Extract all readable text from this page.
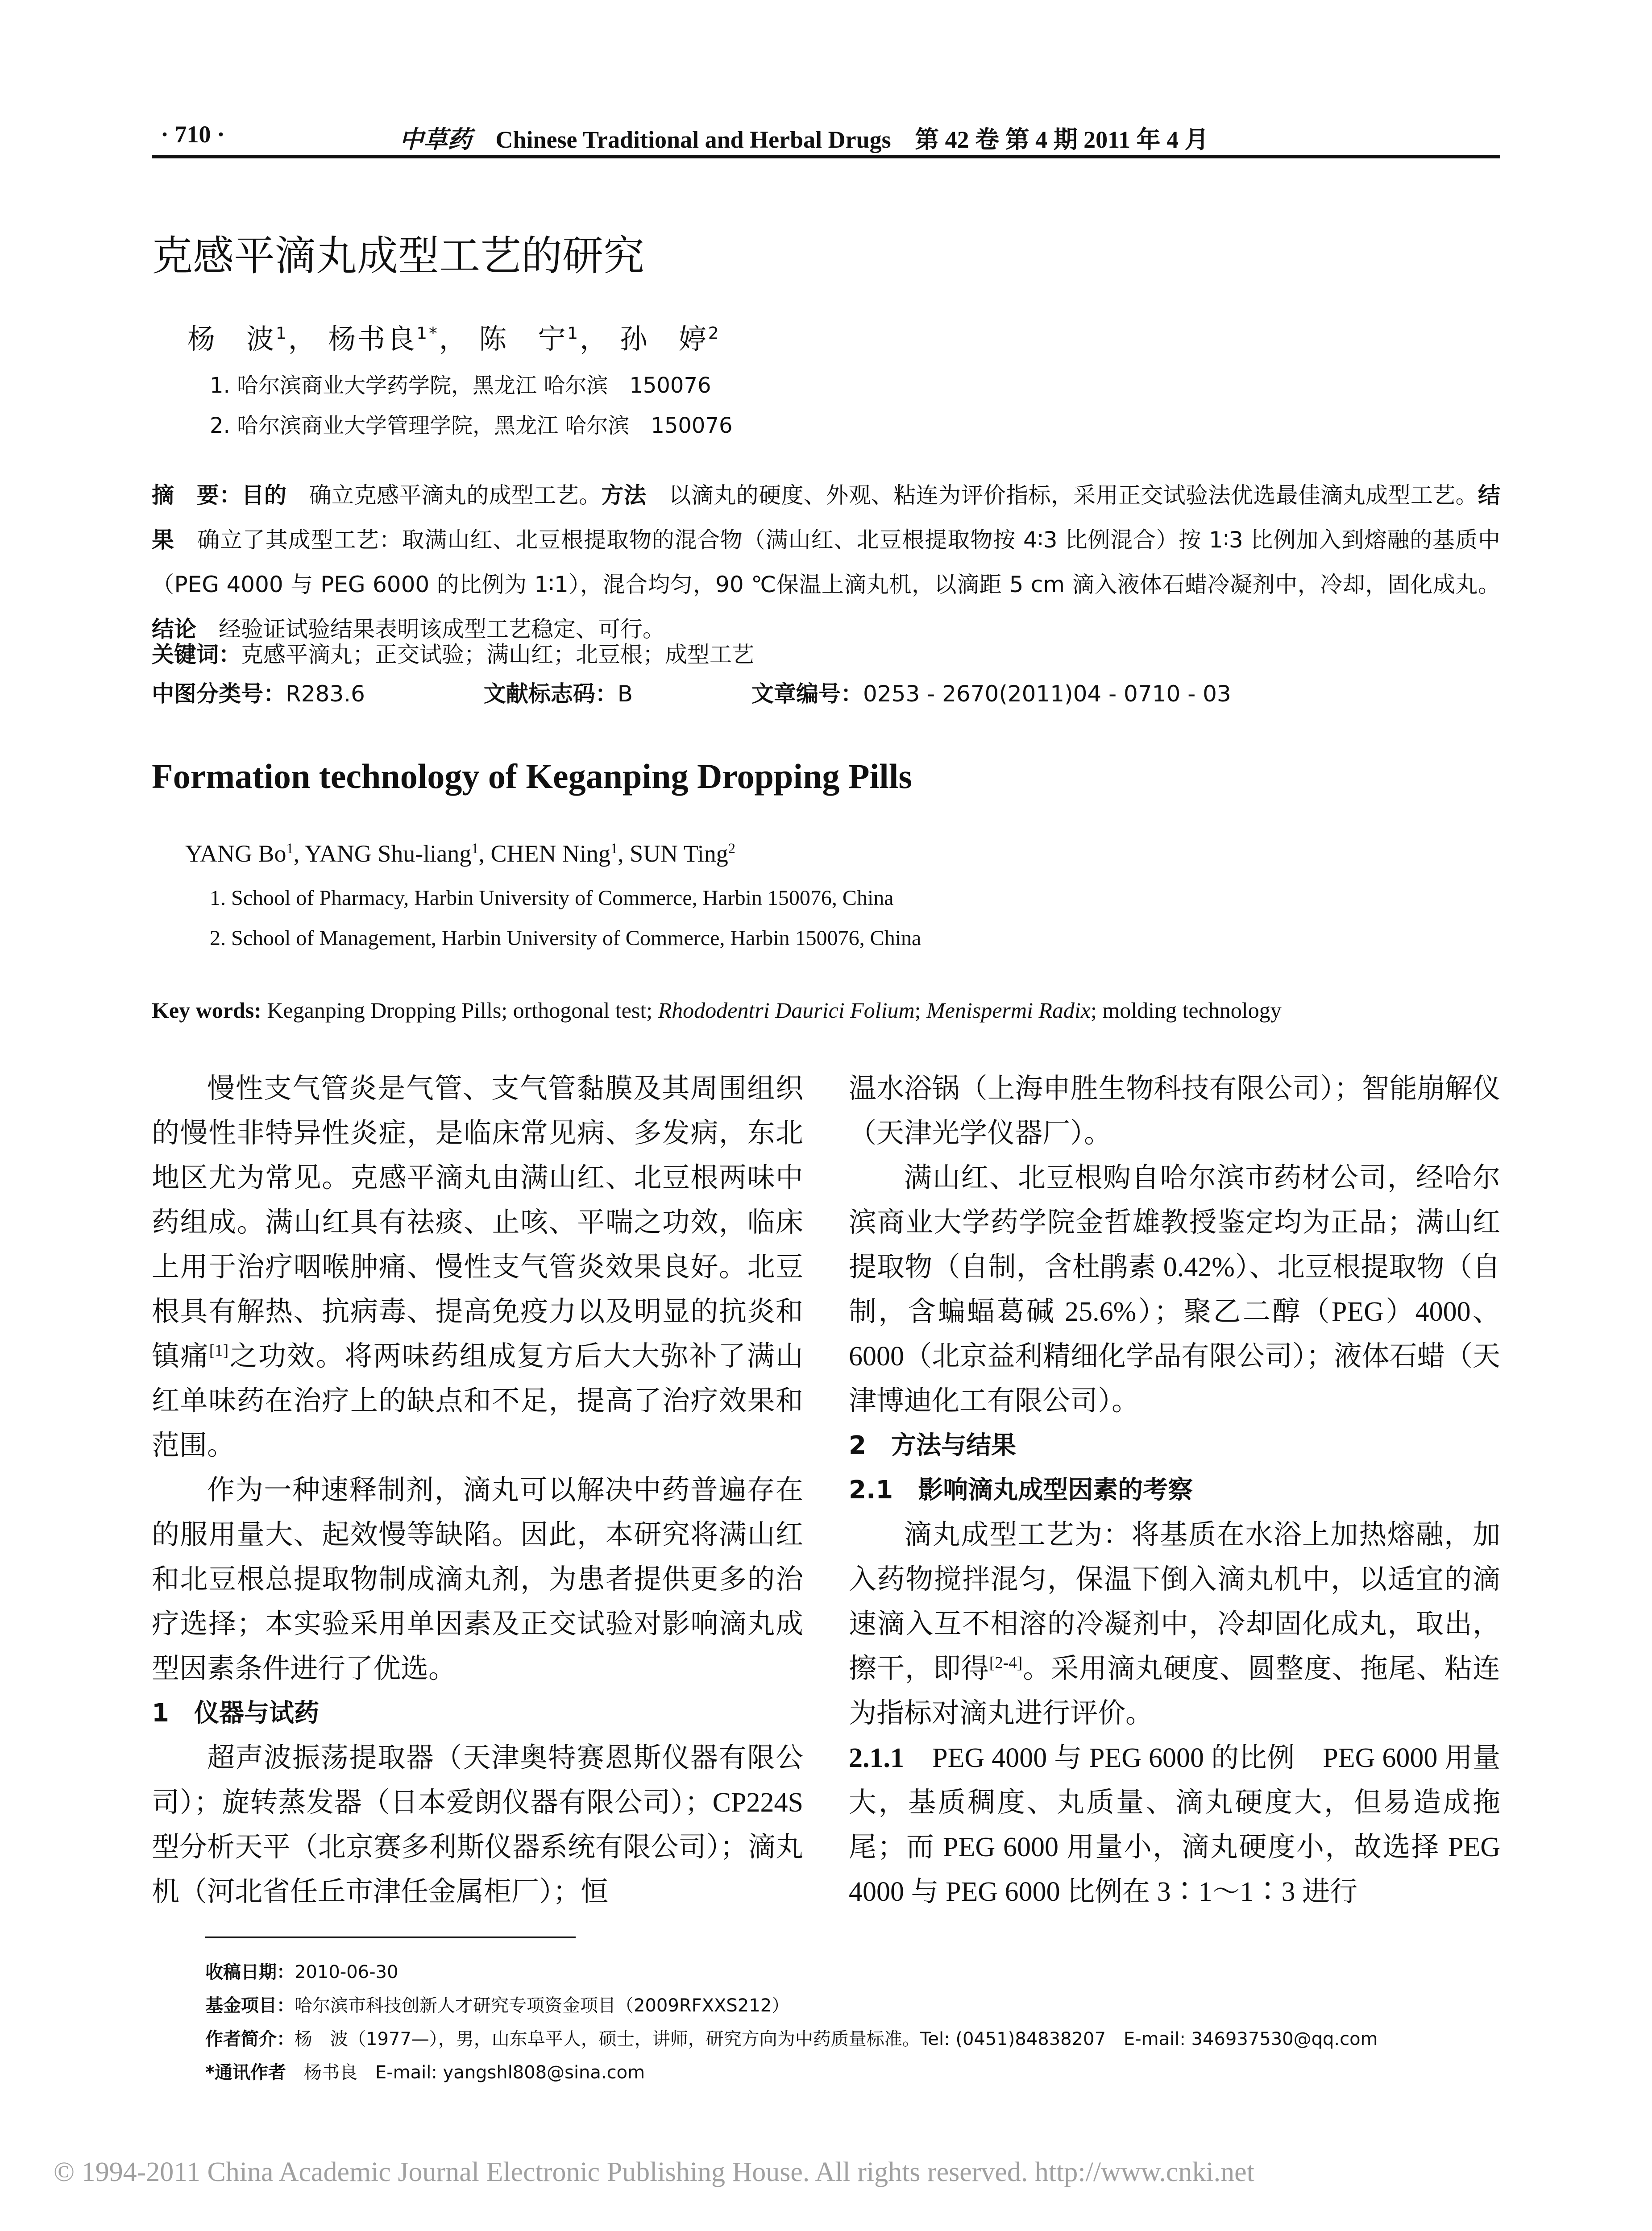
· 710 ·	中草药 Chinese Traditional and Herbal Drugs 第 42 卷 第 4 期 2011 年 4 月
克感平滴丸成型工艺的研究
杨　波$^1$， 杨书良$^{1*}$， 陈　宁$^1$， 孙　婷$^2$
1. 哈尔滨商业大学药学院，黑龙江 哈尔滨　150076
2. 哈尔滨商业大学管理学院，黑龙江 哈尔滨　150076
摘　要：目的　确立克感平滴丸的成型工艺。方法　以滴丸的硬度、外观、粘连为评价指标，采用正交试验法优选最佳滴丸成型工艺。结果　确立了其成型工艺：取满山红、北豆根提取物的混合物（满山红、北豆根提取物按 4∶3 比例混合）按 1∶3 比例加入到熔融的基质中（PEG 4000 与 PEG 6000 的比例为 1∶1），混合均匀，90 ℃保温上滴丸机，以滴距 5 cm 滴入液体石蜡冷凝剂中，冷却，固化成丸。结论　经验证试验结果表明该成型工艺稳定、可行。
关键词：克感平滴丸；正交试验；满山红；北豆根；成型工艺
中图分类号：R283.6	文献标志码：B	文章编号：0253 - 2670(2011)04 - 0710 - 03
Formation technology of Keganping Dropping Pills
YANG Bo$^1$, YANG Shu-liang$^1$, CHEN Ning$^1$, SUN Ting$^2$
1. School of Pharmacy, Harbin University of Commerce, Harbin 150076, China
2. School of Management, Harbin University of Commerce, Harbin 150076, China
Key words: Keganping Dropping Pills; orthogonal test; Rhododentri Daurici Folium; Menispermi Radix; molding technology

慢性支气管炎是气管、支气管黏膜及其周围组织的慢性非特异性炎症，是临床常见病、多发病，东北地区尤为常见。克感平滴丸由满山红、北豆根两味中药组成。满山红具有祛痰、止咳、平喘之功效，临床上用于治疗咽喉肿痛、慢性支气管炎效果良好。北豆根具有解热、抗病毒、提高免疫力以及明显的抗炎和镇痛[1]之功效。将两味药组成复方后大大弥补了满山红单味药在治疗上的缺点和不足，提高了治疗效果和范围。

作为一种速释制剂，滴丸可以解决中药普遍存在的服用量大、起效慢等缺陷。因此，本研究将满山红和北豆根总提取物制成滴丸剂，为患者提供更多的治疗选择；本实验采用单因素及正交试验对影响滴丸成型因素条件进行了优选。

1　仪器与试药

超声波振荡提取器（天津奥特赛恩斯仪器有限公司）；旋转蒸发器（日本爱朗仪器有限公司）；CP224S 型分析天平（北京赛多利斯仪器系统有限公司）；滴丸机（河北省任丘市津任金属柜厂）；恒

温水浴锅（上海申胜生物科技有限公司）；智能崩解仪（天津光学仪器厂）。

满山红、北豆根购自哈尔滨市药材公司，经哈尔滨商业大学药学院金哲雄教授鉴定均为正品；满山红提取物（自制，含杜鹃素 0.42%）、北豆根提取物（自制，含蝙蝠葛碱 25.6%）；聚乙二醇（PEG）4000、6000（北京益利精细化学品有限公司）；液体石蜡（天津博迪化工有限公司）。

2　方法与结果

2.1　影响滴丸成型因素的考察

滴丸成型工艺为：将基质在水浴上加热熔融，加入药物搅拌混匀，保温下倒入滴丸机中，以适宜的滴速滴入互不相溶的冷凝剂中，冷却固化成丸，取出，擦干，即得[2-4]。采用滴丸硬度、圆整度、拖尾、粘连为指标对滴丸进行评价。

2.1.1　PEG 4000 与 PEG 6000 的比例　PEG 6000 用量大，基质稠度、丸质量、滴丸硬度大，但易造成拖尾；而 PEG 6000 用量小，滴丸硬度小，故选择 PEG 4000 与 PEG 6000 比例在 3∶1～1∶3 进行

收稿日期：2010-06-30
基金项目：哈尔滨市科技创新人才研究专项资金项目（2009RFXXS212）
作者简介：杨　波（1977—），男，山东阜平人，硕士，讲师，研究方向为中药质量标准。Tel: (0451)84838207　E-mail: 346937530@qq.com
*通讯作者　杨书良　E-mail: yangshl808@sina.com
© 1994-2011 China Academic Journal Electronic Publishing House. All rights reserved. http://www.cnki.net
